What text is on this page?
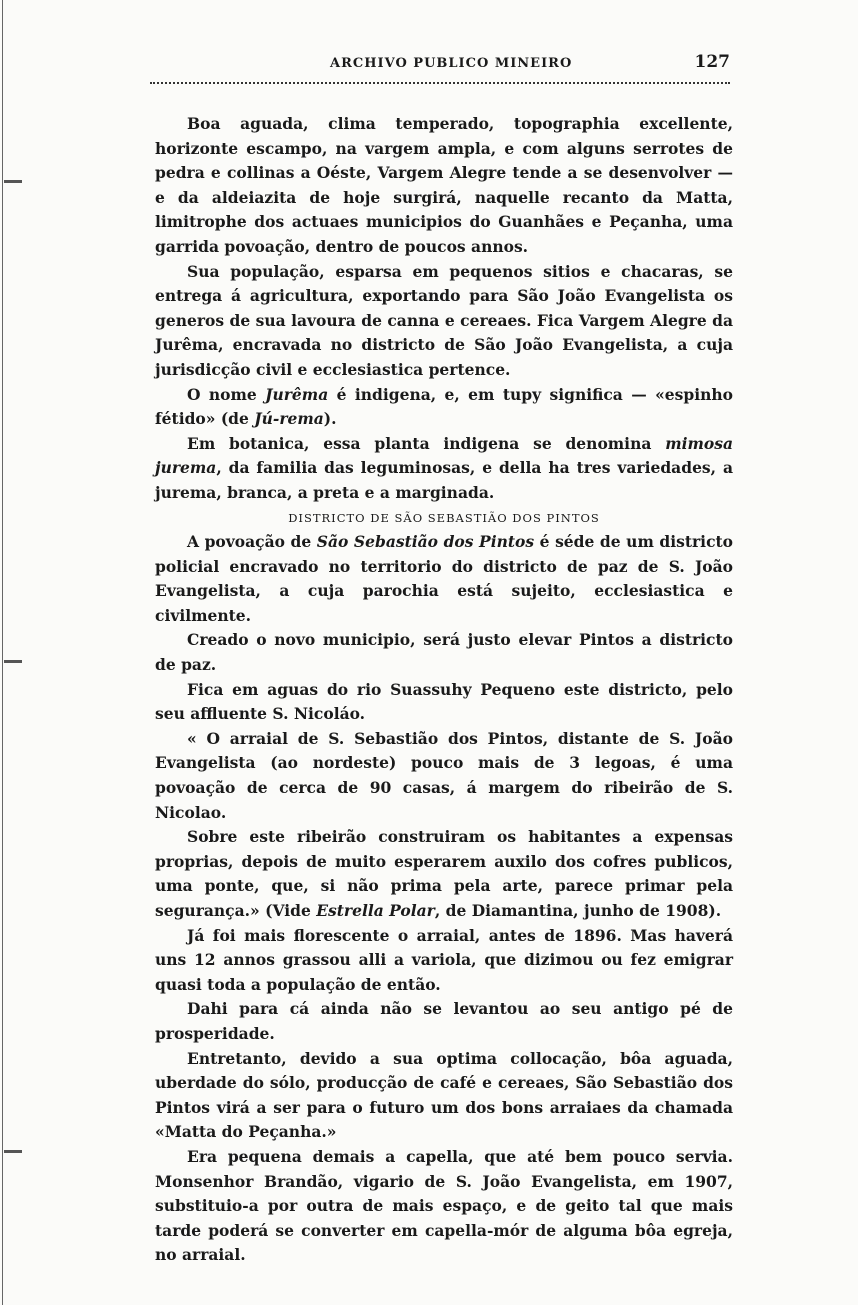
ARCHIVO PUBLICO MINEIRO	127

Boa aguada, clima temperado, topographia excellente, horizonte escampo, na vargem ampla, e com alguns serrotes de pedra e collinas a Oéste, Vargem Alegre tende a se desenvolver — e da aldeiazita de hoje surgirá, naquelle recanto da Matta, limitrophe dos actuaes municipios do Guanhães e Peçanha, uma garrida povoação, dentro de poucos annos.

Sua população, esparsa em pequenos sitios e chacaras, se entrega á agricultura, exportando para São João Evangelista os generos de sua lavoura de canna e cereaes. Fica Vargem Alegre da Jurêma, encravada no districto de São João Evangelista, a cuja jurisdicção civil e ecclesiastica pertence.

O nome Jurêma é indigena, e, em tupy significa — «espinho fétido» (de Jú-rema).

Em botanica, essa planta indigena se denomina mimosa jurema, da familia das leguminosas, e della ha tres variedades, a jurema, branca, a preta e a marginada.

DISTRICTO DE SÃO SEBASTIÃO DOS PINTOS

A povoação de São Sebastião dos Pintos é séde de um districto policial encravado no territorio do districto de paz de S. João Evangelista, a cuja parochia está sujeito, ecclesiastica e civilmente.

Creado o novo municipio, será justo elevar Pintos a districto de paz.

Fica em aguas do rio Suassuhy Pequeno este districto, pelo seu affluente S. Nicoláo.

« O arraial de S. Sebastião dos Pintos, distante de S. João Evangelista (ao nordeste) pouco mais de 3 legoas, é uma povoação de cerca de 90 casas, á margem do ribeirão de S. Nicolao.

Sobre este ribeirão construiram os habitantes a expensas proprias, depois de muito esperarem auxilo dos cofres publicos, uma ponte, que, si não prima pela arte, parece primar pela segurança.» (Vide Estrella Polar, de Diamantina, junho de 1908).

Já foi mais florescente o arraial, antes de 1896. Mas haverá uns 12 annos grassou alli a variola, que dizimou ou fez emigrar quasi toda a população de então.

Dahi para cá ainda não se levantou ao seu antigo pé de prosperidade.

Entretanto, devido a sua optima collocação, bôa aguada, uberdade do sólo, producção de café e cereaes, São Sebastião dos Pintos virá a ser para o futuro um dos bons arraiaes da chamada «Matta do Peçanha.»

Era pequena demais a capella, que até bem pouco servia. Monsenhor Brandão, vigario de S. João Evangelista, em 1907, substituio-a por outra de mais espaço, e de geito tal que mais tarde poderá se converter em capella-mór de alguma bôa egreja, no arraial.
